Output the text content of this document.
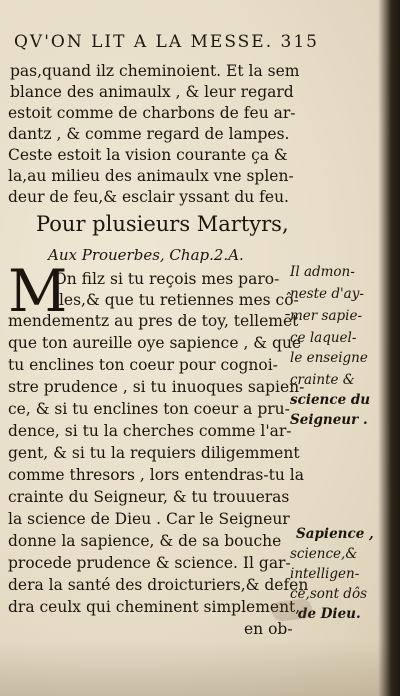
QV'ON LIT A LA MESSE. 315
pas,quand ilz cheminoient. Et la sem
blance des animaulx , & leur regard
estoit comme de charbons de feu ar-
dantz , & comme regard de lampes.
Ceste estoit la vision courante ça &
la,au milieu des animaulx vne splen-
deur de feu,& esclair yssant du feu.
Pour plusieurs Martyrs,
Aux Prouerbes, Chap.2.A.
M
On filz si tu reçois mes paro-
lles,& que tu retiennes mes cô-
mendementz au pres de toy, tellemēt
que ton aureille oye sapience , & que
tu enclines ton coeur pour cognoi-
stre prudence , si tu inuoques sapien-
ce, & si tu enclines ton coeur a pru-
dence, si tu la cherches comme l'ar-
gent, & si tu la requiers diligemment
comme thresors , lors entendras-tu la
crainte du Seigneur, & tu trouueras
la science de Dieu . Car le Seigneur
donne la sapience, & de sa bouche
procede prudence & science. Il gar-
dera la santé des droicturiers,& defen
dra ceulx qui cheminent simplement,
en ob-
Il admon-
neste d'ay-
mer sapie-
ce laquel-
le enseigne
crainte &
science du
Seigneur .
Sapience ,
science,&
intelligen-
ce,sont dôs
de Dieu.
